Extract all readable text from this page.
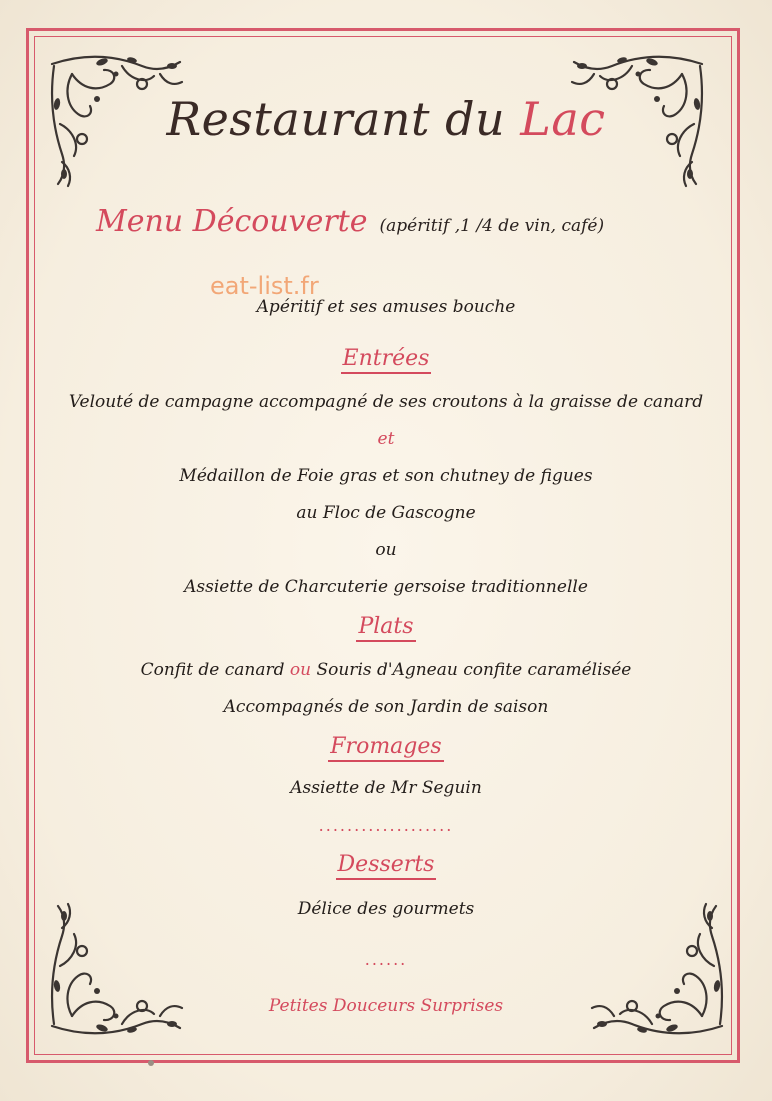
Restaurant du Lac
Menu Découverte (apéritif ,1 /4 de vin, café)
eat-list.fr
Apéritif et ses amuses bouche
Entrées
Velouté de campagne accompagné de ses croutons à la graisse de canard
et
Médaillon de Foie gras et son chutney de figues
au Floc de Gascogne
ou
Assiette de Charcuterie gersoise traditionnelle
Plats
Confit de canard ou Souris d'Agneau confite caramélisée
Accompagnés de son Jardin de saison
Fromages
Assiette de Mr Seguin
...................
Desserts
Délice des gourmets
......
Petites Douceurs Surprises
